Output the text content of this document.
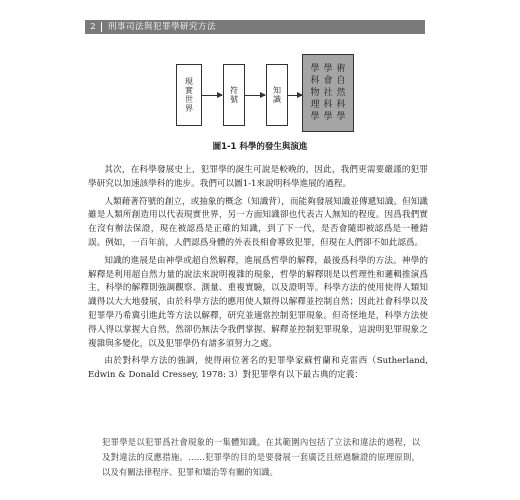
2	刑事司法與犯罪學研究方法
現實世界	符號	知識
學 學 術
科 會 自
物 社 然
理 科 科
學 學 學
圖1-1 科學的發生與演進

其次，在科學發展史上，犯罪學的誕生可說是較晚的，因此，我們更需要嚴謹的犯罪學研究以加速該學科的進步。我們可以圖1-1來說明科學進展的過程。

人類藉著符號的創立，或抽象的概念（知識背），而能夠發展知識並傳遞知識。但知識雖是人類所創造用以代表現實世界，另一方面知識卻也代表古人無知的程度。因爲我們實在沒有辦法保證，現在被認爲是正確的知識，到了下一代，是否會隨即被認爲是一種錯誤。例如，一百年前，人們認爲身體的外表長相會導致犯罪，但現在人們卻不如此認爲。

知識的進展是由神學或超自然解釋，進展爲哲學的解釋，最後爲科學的方法。神學的解釋是利用超自然力量的說法來說明複雜的現象，哲學的解釋則是以哲理性和邏輯推演爲主，科學的解釋則強調觀察、測量、重複實驗，以及證明等。科學方法的使用使得人類知識得以大大地發展，由於科學方法的應用使人類得以解釋並控制自然；因此社會科學以及犯罪學乃希冀引進此等方法以解釋，研究並適當控制犯罪現象。但奇怪地是，科學方法使得人得以掌握大自然，然卻仍無法令我們掌握、解釋並控制犯罪現象，這說明犯罪現象之複雜與多變化，以及犯罪學仍有諸多須努力之處。

由於對科學方法的強調，使得兩位著名的犯罪學家蘇哲蘭和克雷西（Sutherland, Edwin & Donald Cressey, 1978: 3）對犯罪學有以下最古典的定義：

犯罪學是以犯罪爲社會現象的一集體知識。在其範圍內包括了立法和違法的過程，以及對違法的反應措施。……犯罪學的目的是要發展一套廣泛且經過驗證的原理原則，以及有關法律程序、犯罪和矯治等有關的知識。
